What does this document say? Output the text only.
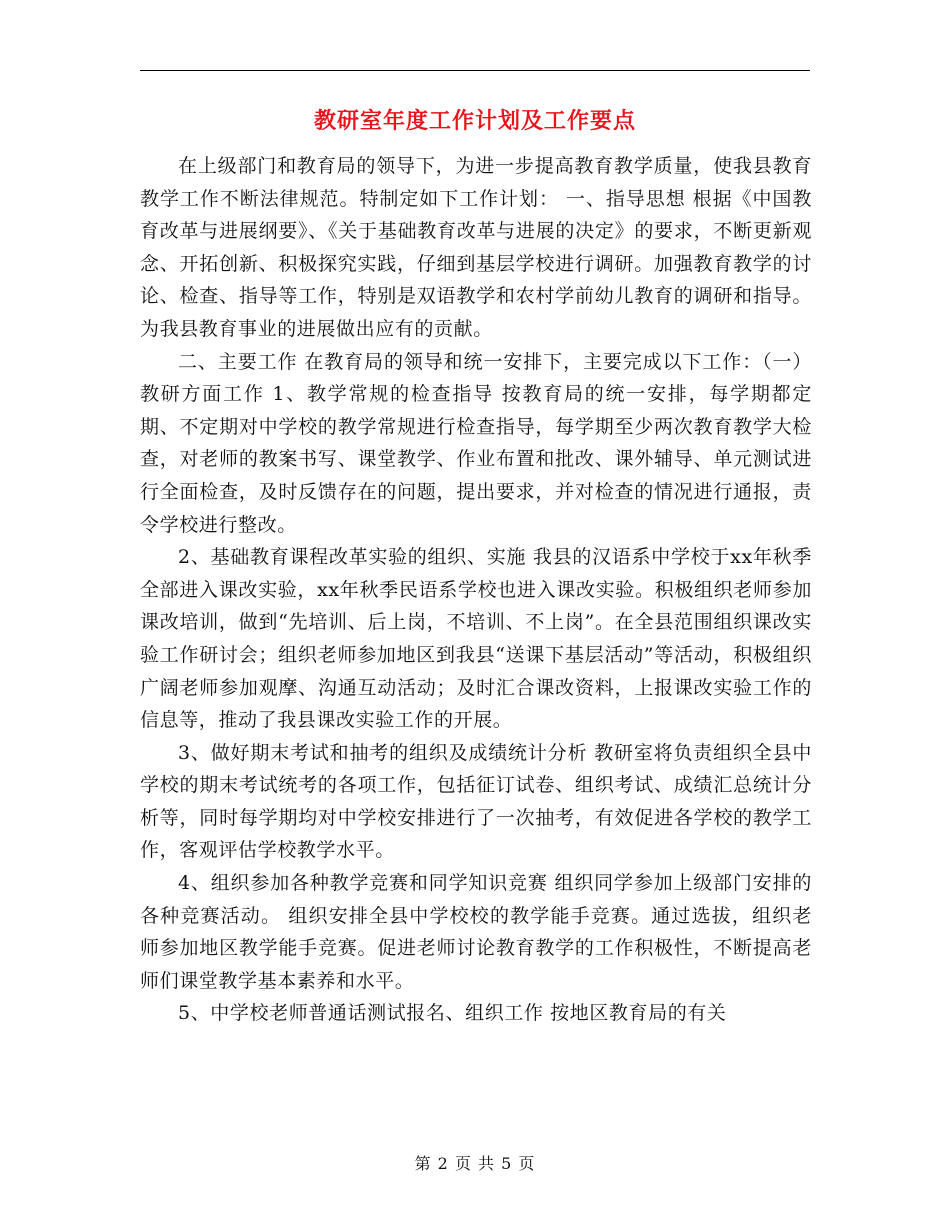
教研室年度工作计划及工作要点

在上级部门和教育局的领导下，为进一步提高教育教学质量，使我县教育教学工作不断法律规范。特制定如下工作计划： 一、指导思想 根据《中国教育改革与进展纲要》、《关于基础教育改革与进展的决定》的要求，不断更新观念、开拓创新、积极探究实践，仔细到基层学校进行调研。加强教育教学的讨论、检查、指导等工作，特别是双语教学和农村学前幼儿教育的调研和指导。为我县教育事业的进展做出应有的贡献。

二、主要工作 在教育局的领导和统一安排下，主要完成以下工作：（一）教研方面工作 1、教学常规的检查指导 按教育局的统一安排，每学期都定期、不定期对中学校的教学常规进行检查指导，每学期至少两次教育教学大检查，对老师的教案书写、课堂教学、作业布置和批改、课外辅导、单元测试进行全面检查，及时反馈存在的问题，提出要求，并对检查的情况进行通报，责令学校进行整改。

2、基础教育课程改革实验的组织、实施 我县的汉语系中学校于xx年秋季全部进入课改实验，xx年秋季民语系学校也进入课改实验。积极组织老师参加课改培训，做到“先培训、后上岗，不培训、不上岗”。在全县范围组织课改实验工作研讨会；组织老师参加地区到我县“送课下基层活动”等活动，积极组织广阔老师参加观摩、沟通互动活动；及时汇合课改资料，上报课改实验工作的信息等，推动了我县课改实验工作的开展。

3、做好期末考试和抽考的组织及成绩统计分析 教研室将负责组织全县中学校的期末考试统考的各项工作，包括征订试卷、组织考试、成绩汇总统计分析等，同时每学期均对中学校安排进行了一次抽考，有效促进各学校的教学工作，客观评估学校教学水平。

4、组织参加各种教学竞赛和同学知识竞赛 组织同学参加上级部门安排的各种竞赛活动。 组织安排全县中学校校的教学能手竞赛。通过选拔，组织老师参加地区教学能手竞赛。促进老师讨论教育教学的工作积极性，不断提高老师们课堂教学基本素养和水平。

5、中学校老师普通话测试报名、组织工作 按地区教育局的有关

第 2 页 共 5 页
